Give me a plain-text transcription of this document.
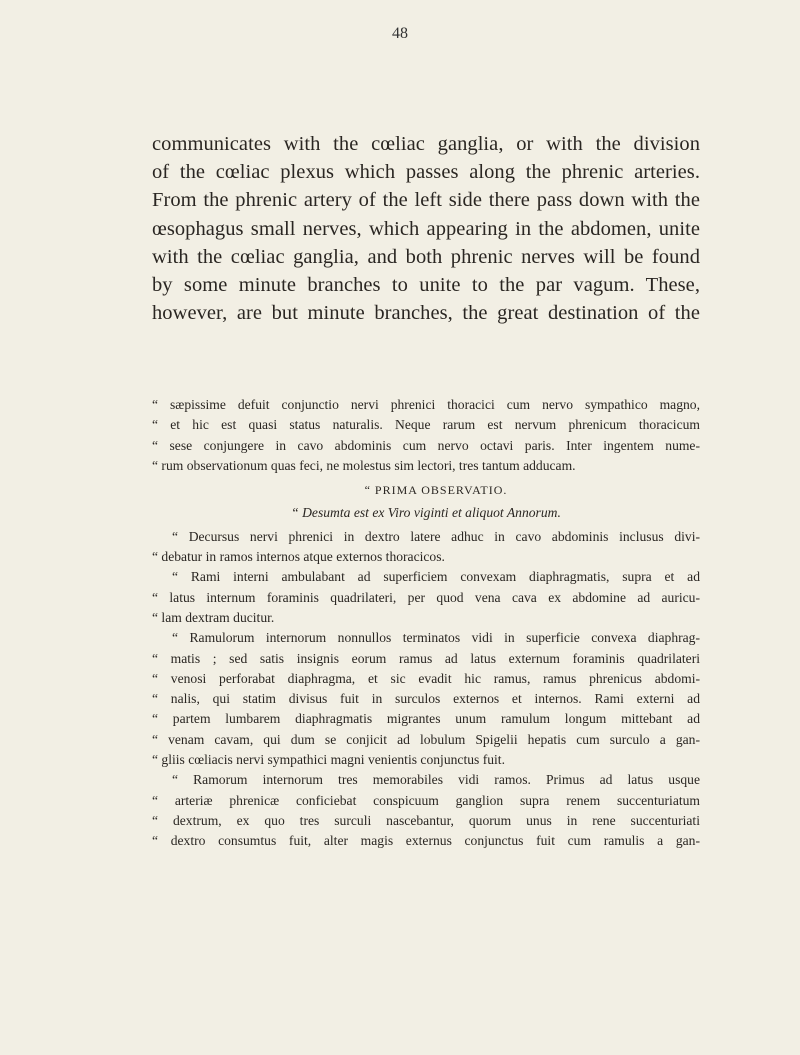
48
communicates with the cœliac ganglia, or with the division
of the cœliac plexus which passes along the phrenic arteries.
From the phrenic artery of the left side there pass down with the
œsophagus small nerves, which appearing in the abdomen, unite
with the cœliac ganglia, and both phrenic nerves will be found
by some minute branches to unite to the par vagum. These,
however, are but minute branches, the great destination of the
“ sæpissime defuit conjunctio nervi phrenici thoracici cum nervo sympathico magno,
“ et hic est quasi status naturalis. Neque rarum est nervum phrenicum thoracicum
“ sese conjungere in cavo abdominis cum nervo octavi paris. Inter ingentem nume-
“ rum observationum quas feci, ne molestus sim lectori, tres tantum adducam.
“ PRIMA OBSERVATIO.
“ Desumta est ex Viro viginti et aliquot Annorum.
“ Decursus nervi phrenici in dextro latere adhuc in cavo abdominis inclusus divi-
“ debatur in ramos internos atque externos thoracicos.
“ Rami interni ambulabant ad superficiem convexam diaphragmatis, supra et ad
“ latus internum foraminis quadrilateri, per quod vena cava ex abdomine ad auricu-
“ lam dextram ducitur.
“ Ramulorum internorum nonnullos terminatos vidi in superficie convexa diaphrag-
“ matis ; sed satis insignis eorum ramus ad latus externum foraminis quadrilateri
“ venosi perforabat diaphragma, et sic evadit hic ramus, ramus phrenicus abdomi-
“ nalis, qui statim divisus fuit in surculos externos et internos. Rami externi ad
“ partem lumbarem diaphragmatis migrantes unum ramulum longum mittebant ad
“ venam cavam, qui dum se conjicit ad lobulum Spigelii hepatis cum surculo a gan-
“ gliis cœliacis nervi sympathici magni venientis conjunctus fuit.
“ Ramorum internorum tres memorabiles vidi ramos. Primus ad latus usque
“ arteriæ phrenicæ conficiebat conspicuum ganglion supra renem succenturiatum
“ dextrum, ex quo tres surculi nascebantur, quorum unus in rene succenturiati
“ dextro consumtus fuit, alter magis externus conjunctus fuit cum ramulis a gan-
